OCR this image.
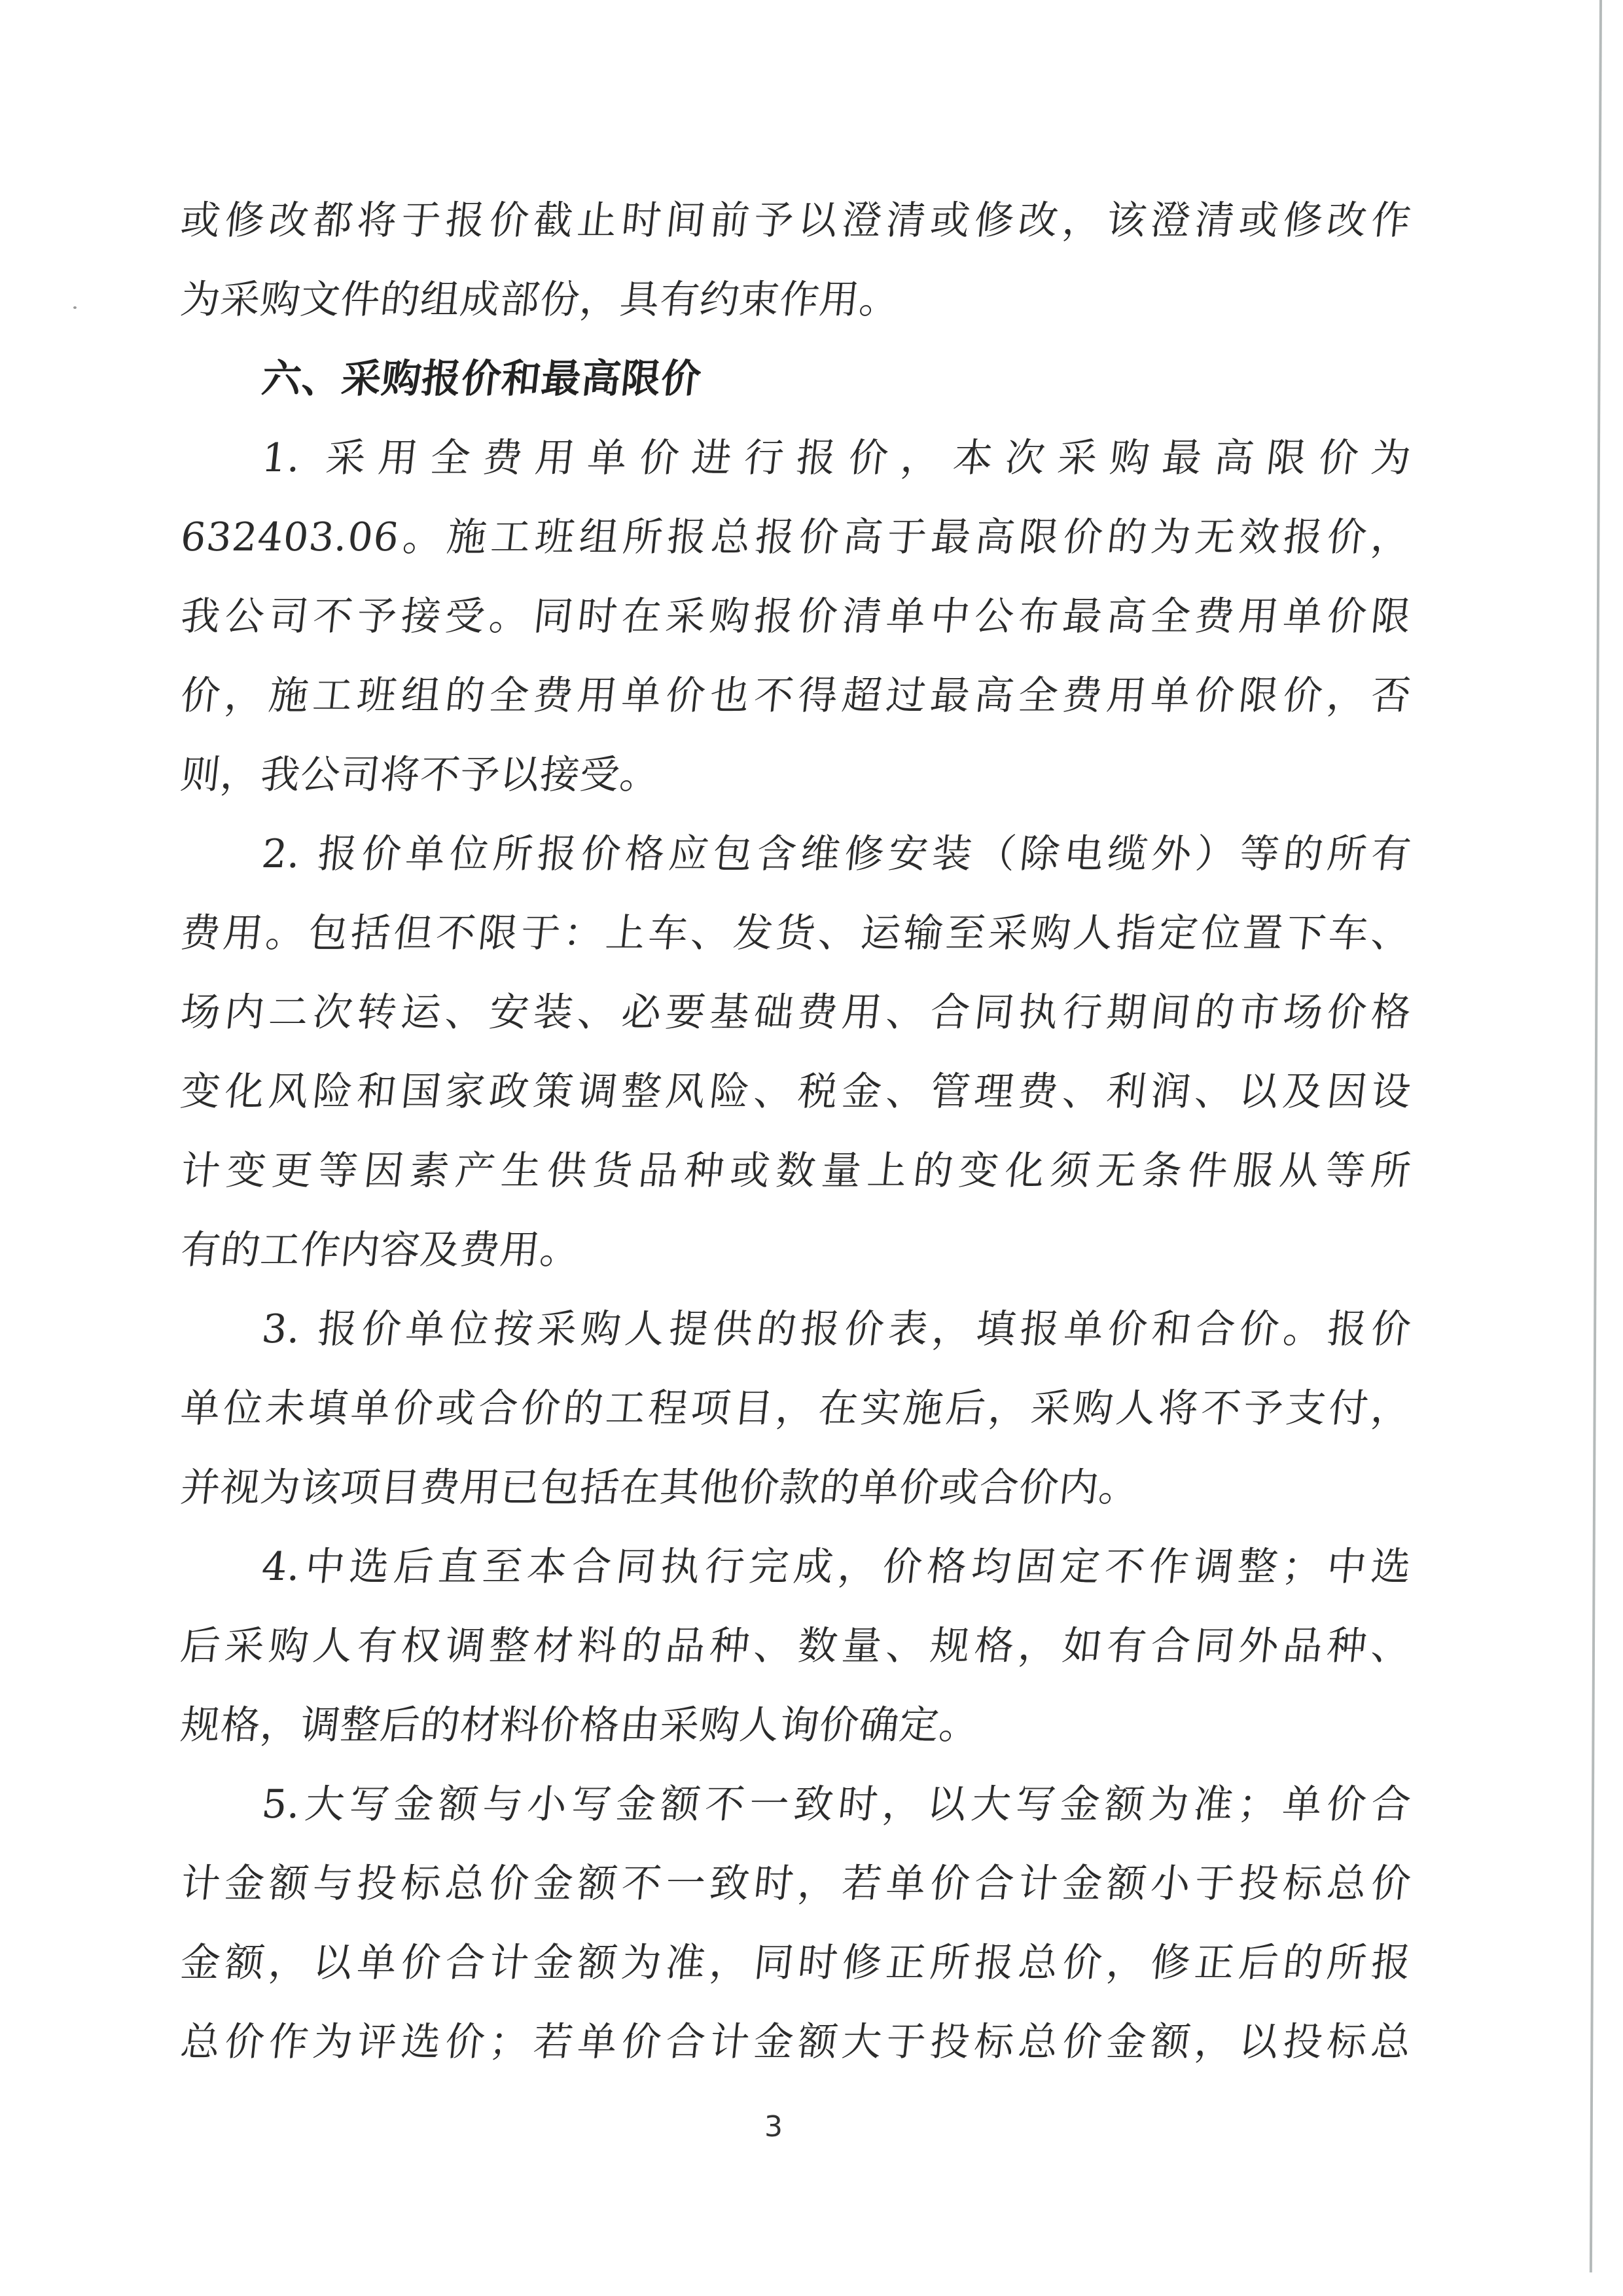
或修改都将于报价截止时间前予以澄清或修改，该澄清或修改作
为采购文件的组成部份，具有约束作用。
六、采购报价和最高限价
1. 采用全费用单价进行报价，本次采购最高限价为
632403.06。施工班组所报总报价高于最高限价的为无效报价，
我公司不予接受。同时在采购报价清单中公布最高全费用单价限
价，施工班组的全费用单价也不得超过最高全费用单价限价，否
则，我公司将不予以接受。
2. 报价单位所报价格应包含维修安装（除电缆外）等的所有
费用。包括但不限于：上车、发货、运输至采购人指定位置下车、
场内二次转运、安装、必要基础费用、合同执行期间的市场价格
变化风险和国家政策调整风险、税金、管理费、利润、以及因设
计变更等因素产生供货品种或数量上的变化须无条件服从等所
有的工作内容及费用。
3. 报价单位按采购人提供的报价表，填报单价和合价。报价
单位未填单价或合价的工程项目，在实施后，采购人将不予支付，
并视为该项目费用已包括在其他价款的单价或合价内。
4.中选后直至本合同执行完成，价格均固定不作调整；中选
后采购人有权调整材料的品种、数量、规格，如有合同外品种、
规格，调整后的材料价格由采购人询价确定。
5.大写金额与小写金额不一致时，以大写金额为准；单价合
计金额与投标总价金额不一致时，若单价合计金额小于投标总价
金额，以单价合计金额为准，同时修正所报总价，修正后的所报
总价作为评选价；若单价合计金额大于投标总价金额，以投标总
3
